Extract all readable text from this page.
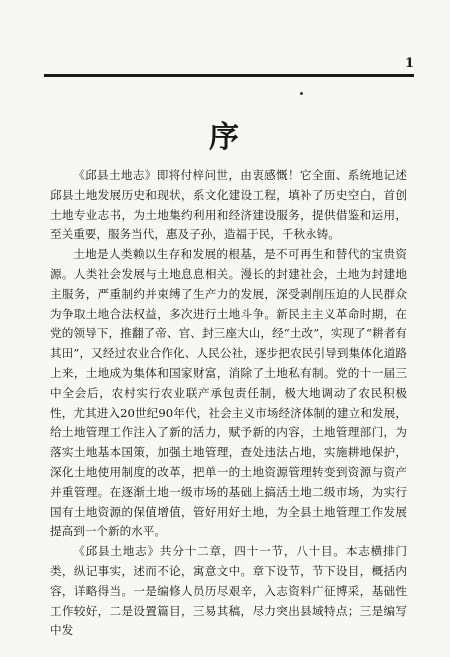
1
序

《邱县土地志》即将付梓问世，由衷感慨！它全面、系统地记述邱县土地发展历史和现状，系文化建设工程，填补了历史空白，首创土地专业志书，为土地集约利用和经济建设服务，提供借鉴和运用，至关重要，服务当代，惠及子孙，造福于民，千秋永铸。

土地是人类赖以生存和发展的根基，是不可再生和替代的宝贵资源。人类社会发展与土地息息相关。漫长的封建社会，土地为封建地主服务，严重制约并束缚了生产力的发展，深受剥削压迫的人民群众为争取土地合法权益，多次进行土地斗争。新民主主义革命时期，在党的领导下，推翻了帝、官、封三座大山，经“土改”，实现了“耕者有其田”，又经过农业合作化、人民公社，逐步把农民引导到集体化道路上来，土地成为集体和国家财富，消除了土地私有制。党的十一届三中全会后，农村实行农业联产承包责任制，极大地调动了农民积极性，尤其进入20世纪90年代，社会主义市场经济体制的建立和发展，给土地管理工作注入了新的活力，赋予新的内容，土地管理部门，为落实土地基本国策，加强土地管理，查处违法占地，实施耕地保护，深化土地使用制度的改革，把单一的土地资源管理转变到资源与资产并重管理。在逐渐土地一级市场的基础上搞活土地二级市场，为实行国有土地资源的保值增值，管好用好土地，为全县土地管理工作发展提高到一个新的水平。

《邱县土地志》共分十二章，四十一节，八十目。本志横排门类，纵记事实，述而不论，寓意文中。章下设节，节下设目，概括内容，详略得当。一是编修人员历尽艰辛，入志资料广征博采，基础性工作较好，二是设置篇目，三易其稿，尽力突出县域特点；三是编写中发
